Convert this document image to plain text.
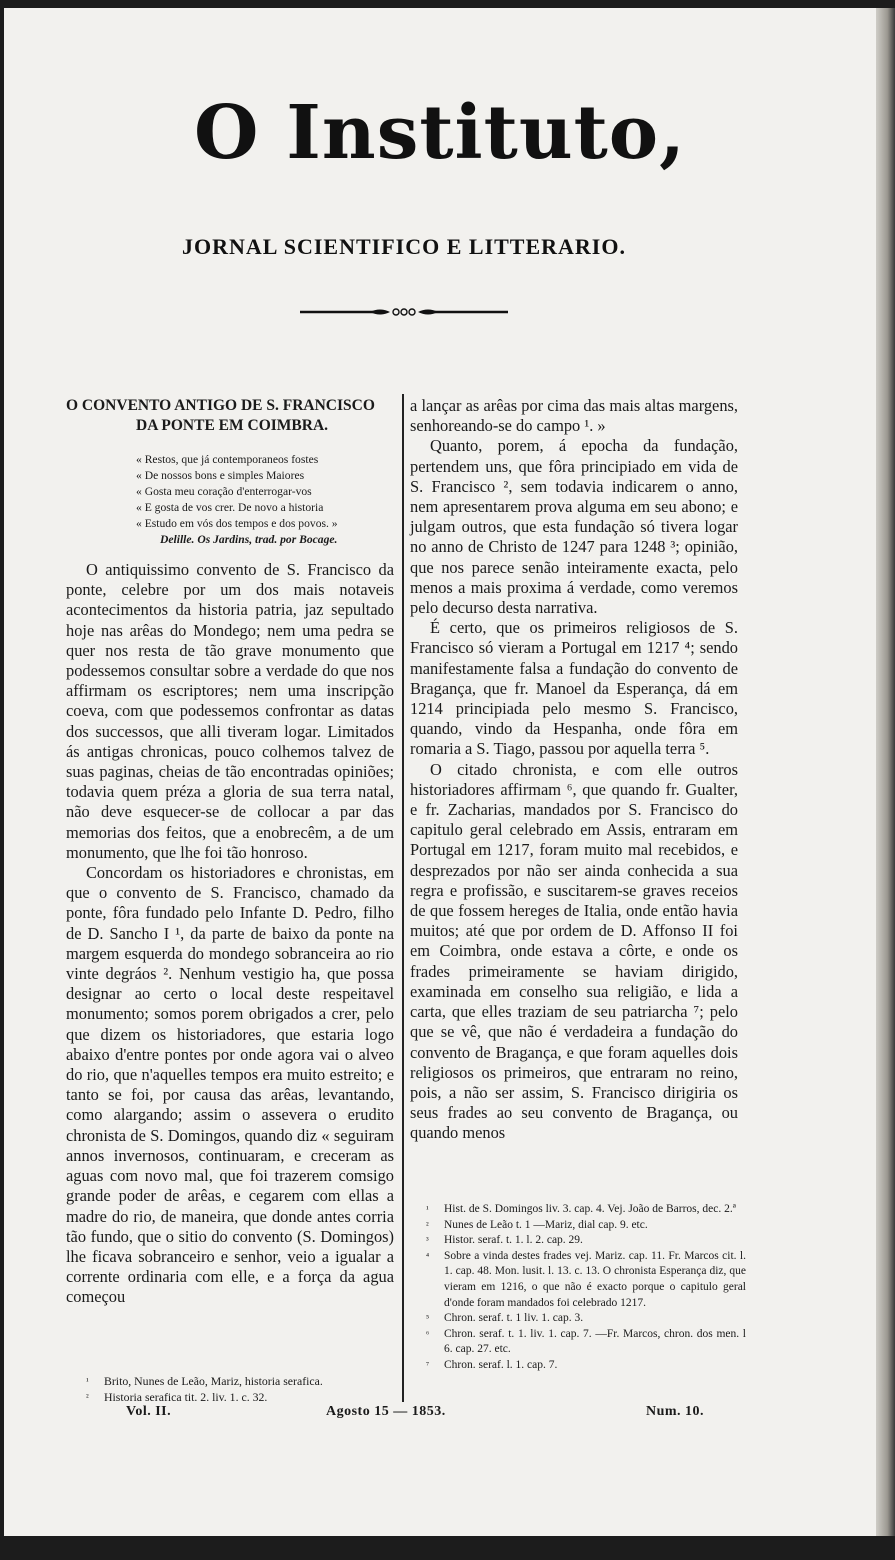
O Instituto,
JORNAL SCIENTIFICO E LITTERARIO.
O CONVENTO ANTIGO DE S. FRANCISCO
DA PONTE EM COIMBRA.
« Restos, que já contemporaneos fostes
« De nossos bons e simples Maiores
« Gosta meu coração d'enterrogar-vos
« E gosta de vos crer. De novo a historia
« Estudo em vós dos tempos e dos povos. »
Delille. Os Jardins, trad. por Bocage.

O antiquissimo convento de S. Francisco da ponte, celebre por um dos mais notaveis acontecimentos da historia patria, jaz sepultado hoje nas arêas do Mondego; nem uma pedra se quer nos resta de tão grave monumento que podessemos consultar sobre a verdade do que nos affirmam os escriptores; nem uma inscripção coeva, com que podessemos confrontar as datas dos successos, que alli tiveram logar. Limitados ás antigas chronicas, pouco colhemos talvez de suas paginas, cheias de tão encontradas opiniões; todavia quem préza a gloria de sua terra natal, não deve esquecer-se de collocar a par das memorias dos feitos, que a enobrecêm, a de um monumento, que lhe foi tão honroso.

Concordam os historiadores e chronistas, em que o convento de S. Francisco, chamado da ponte, fôra fundado pelo Infante D. Pedro, filho de D. Sancho I ¹, da parte de baixo da ponte na margem esquerda do mondego sobranceira ao rio vinte degráos ². Nenhum vestigio ha, que possa designar ao certo o local deste respeitavel monumento; somos porem obrigados a crer, pelo que dizem os historiadores, que estaria logo abaixo d'entre pontes por onde agora vai o alveo do rio, que n'aquelles tempos era muito estreito; e tanto se foi, por causa das arêas, levantando, como alargando; assim o assevera o erudito chronista de S. Domingos, quando diz « seguiram annos invernosos, continuaram, e creceram as aguas com novo mal, que foi trazerem comsigo grande poder de arêas, e cegarem com ellas a madre do rio, de maneira, que donde antes corria tão fundo, que o sitio do convento (S. Domingos) lhe ficava sobranceiro e senhor, veio a igualar a corrente ordinaria com elle, e a força da agua começou

a lançar as arêas por cima das mais altas margens, senhoreando-se do campo ¹. »

Quanto, porem, á epocha da fundação, pertendem uns, que fôra principiado em vida de S. Francisco ², sem todavia indicarem o anno, nem apresentarem prova alguma em seu abono; e julgam outros, que esta fundação só tivera logar no anno de Christo de 1247 para 1248 ³; opinião, que nos parece senão inteiramente exacta, pelo menos a mais proxima á verdade, como veremos pelo decurso desta narrativa.

É certo, que os primeiros religiosos de S. Francisco só vieram a Portugal em 1217 ⁴; sendo manifestamente falsa a fundação do convento de Bragança, que fr. Manoel da Esperança, dá em 1214 principiada pelo mesmo S. Francisco, quando, vindo da Hespanha, onde fôra em romaria a S. Tiago, passou por aquella terra ⁵.

O citado chronista, e com elle outros historiadores affirmam ⁶, que quando fr. Gualter, e fr. Zacharias, mandados por S. Francisco do capitulo geral celebrado em Assis, entraram em Portugal em 1217, foram muito mal recebidos, e desprezados por não ser ainda conhecida a sua regra e profissão, e suscitarem-se graves receios de que fossem hereges de Italia, onde então havia muitos; até que por ordem de D. Affonso II foi em Coimbra, onde estava a côrte, e onde os frades primeiramente se haviam dirigido, examinada em conselho sua religião, e lida a carta, que elles traziam de seu patriarcha ⁷; pelo que se vê, que não é verdadeira a fundação do convento de Bragança, e que foram aquelles dois religiosos os primeiros, que entraram no reino, pois, a não ser assim, S. Francisco dirigiria os seus frades ao seu convento de Bragança, ou quando menos

¹	Brito, Nunes de Leão, Mariz, historia serafica.
²	Historia serafica tit. 2. liv. 1. c. 32.
¹	Hist. de S. Domingos liv. 3. cap. 4. Vej. João de Barros, dec. 2.ª
²	Nunes de Leão t. 1 —Mariz, dial cap. 9. etc.
³	Histor. seraf. t. 1. l. 2. cap. 29.
⁴	Sobre a vinda destes frades vej. Mariz. cap. 11. Fr. Marcos cit. l. 1. cap. 48. Mon. lusit. l. 13. c. 13. O chronista Esperança diz, que vieram em 1216, o que não é exacto porque o capitulo geral d'onde foram mandados foi celebrado 1217.
⁵	Chron. seraf. t. 1 liv. 1. cap. 3.
⁶	Chron. seraf. t. 1. liv. 1. cap. 7. —Fr. Marcos, chron. dos men. l 6. cap. 27. etc.
⁷	Chron. seraf. l. 1. cap. 7.
Vol. II.	Agosto 15 — 1853.	Num. 10.
